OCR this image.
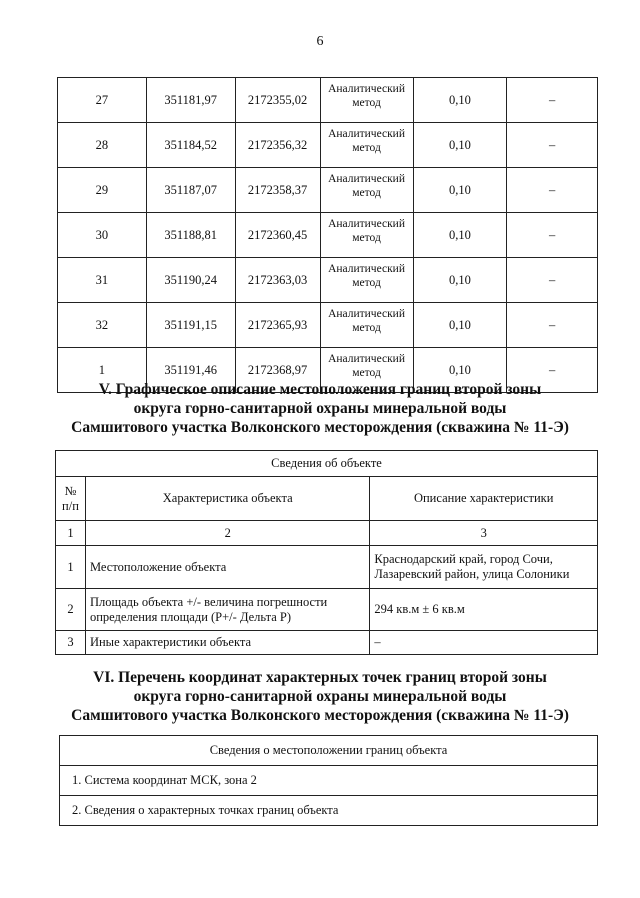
6
27	351181,97	2172355,02	Аналитический метод	0,10	–
28	351184,52	2172356,32	Аналитический метод	0,10	–
29	351187,07	2172358,37	Аналитический метод	0,10	–
30	351188,81	2172360,45	Аналитический метод	0,10	–
31	351190,24	2172363,03	Аналитический метод	0,10	–
32	351191,15	2172365,93	Аналитический метод	0,10	–
1	351191,46	2172368,97	Аналитический метод	0,10	–
V. Графическое описание местоположения границ второй зоны
округа горно-санитарной охраны минеральной воды
Самшитового участка Волконского месторождения (скважина № 11-Э)
Сведения об объекте		
№ п/п	Характеристика объекта	Описание характеристики
1	2	3
1	Местоположение объекта	Краснодарский край, город Сочи, Лазаревский район, улица Солоники
2	Площадь объекта +/- величина погрешности определения площади (P+/- Дельта P)	294 кв.м ± 6 кв.м
3	Иные характеристики объекта	–
VI. Перечень координат характерных точек границ второй зоны
округа горно-санитарной охраны минеральной воды
Самшитового участка Волконского месторождения (скважина № 11-Э)
Сведения о местоположении границ объекта
1. Система координат МСК, зона 2
2. Сведения о характерных точках границ объекта
